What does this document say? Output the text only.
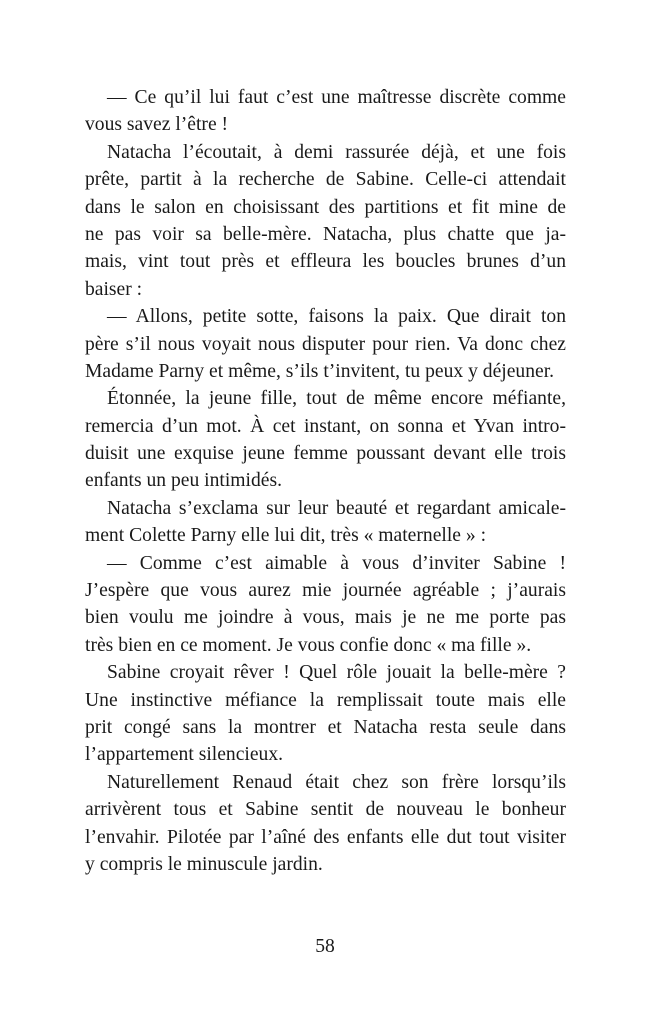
— Ce qu’il lui faut c’est une maîtresse discrète comme
vous savez l’être !
Natacha l’écoutait, à demi rassurée déjà, et une fois
prête, partit à la recherche de Sabine. Celle-ci attendait
dans le salon en choisissant des partitions et fit mine de
ne pas voir sa belle-mère. Natacha, plus chatte que ja-
mais, vint tout près et effleura les boucles brunes d’un
baiser :
— Allons, petite sotte, faisons la paix. Que dirait ton
père s’il nous voyait nous disputer pour rien. Va donc chez
Madame Parny et même, s’ils t’invitent, tu peux y déjeuner.
Étonnée, la jeune fille, tout de même encore méfiante,
remercia d’un mot. À cet instant, on sonna et Yvan intro-
duisit une exquise jeune femme poussant devant elle trois
enfants un peu intimidés.
Natacha s’exclama sur leur beauté et regardant amicale-
ment Colette Parny elle lui dit, très « maternelle » :
— Comme c’est aimable à vous d’inviter Sabine !
J’espère que vous aurez mie journée agréable ; j’aurais
bien voulu me joindre à vous, mais je ne me porte pas
très bien en ce moment. Je vous confie donc « ma fille ».
Sabine croyait rêver ! Quel rôle jouait la belle-mère ?
Une instinctive méfiance la remplissait toute mais elle
prit congé sans la montrer et Natacha resta seule dans
l’appartement silencieux.
Naturellement Renaud était chez son frère lorsqu’ils
arrivèrent tous et Sabine sentit de nouveau le bonheur
l’envahir. Pilotée par l’aîné des enfants elle dut tout visiter
y compris le minuscule jardin.
58
